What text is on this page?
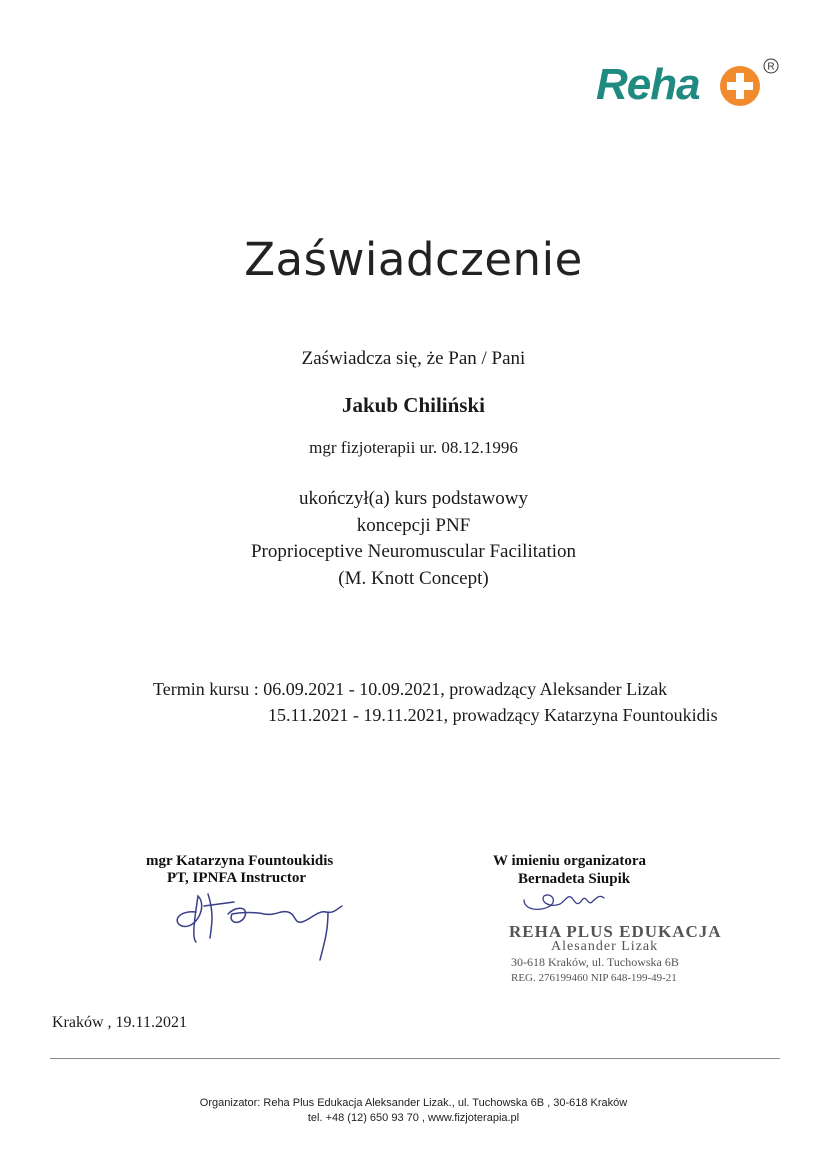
Reha	R
Zaświadczenie
Zaświadcza się, że Pan / Pani
Jakub Chiliński
mgr fizjoterapii ur. 08.12.1996
ukończył(a) kurs podstawowy
koncepcji PNF
Proprioceptive Neuromuscular Facilitation
(M. Knott Concept)
Termin kursu : 06.09.2021 - 10.09.2021, prowadzący Aleksander Lizak
15.11.2021 - 19.11.2021, prowadzący Katarzyna Fountoukidis
mgr Katarzyna Fountoukidis
PT, IPNFA Instructor
W imieniu organizatora
Bernadeta Siupik
REHA PLUS EDUKACJA
Alesander Lizak
30-618 Kraków, ul. Tuchowska 6B
REG. 276199460 NIP 648-199-49-21
Kraków , 19.11.2021
Organizator: Reha Plus Edukacja Aleksander Lizak., ul. Tuchowska 6B , 30-618 Kraków
tel. +48 (12) 650 93 70 , www.fizjoterapia.pl
